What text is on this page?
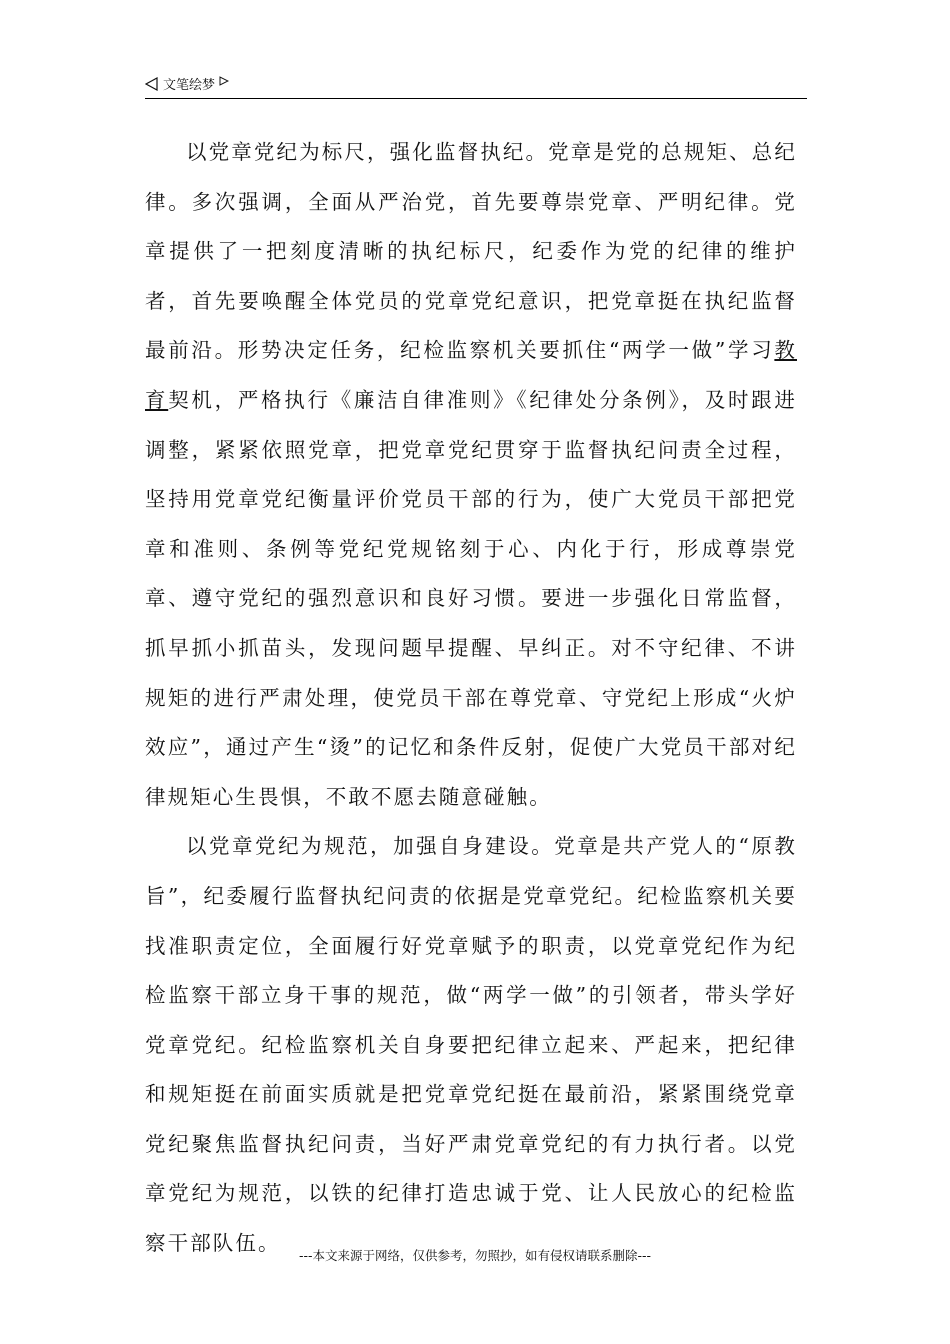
文笔绘梦

以党章党纪为标尺，强化监督执纪。党章是党的总规矩、总纪律。多次强调，全面从严治党，首先要尊崇党章、严明纪律。党章提供了一把刻度清晰的执纪标尺，纪委作为党的纪律的维护者，首先要唤醒全体党员的党章党纪意识，把党章挺在执纪监督最前沿。形势决定任务，纪检监察机关要抓住“两学一做”学习教育契机，严格执行《廉洁自律准则》《纪律处分条例》，及时跟进调整，紧紧依照党章，把党章党纪贯穿于监督执纪问责全过程，坚持用党章党纪衡量评价党员干部的行为，使广大党员干部把党章和准则、条例等党纪党规铭刻于心、内化于行，形成尊崇党章、遵守党纪的强烈意识和良好习惯。要进一步强化日常监督，抓早抓小抓苗头，发现问题早提醒、早纠正。对不守纪律、不讲规矩的进行严肃处理，使党员干部在尊党章、守党纪上形成“火炉效应”，通过产生“烫”的记忆和条件反射，促使广大党员干部对纪律规矩心生畏惧，不敢不愿去随意碰触。

以党章党纪为规范，加强自身建设。党章是共产党人的“原教旨”，纪委履行监督执纪问责的依据是党章党纪。纪检监察机关要找准职责定位，全面履行好党章赋予的职责，以党章党纪作为纪检监察干部立身干事的规范，做“两学一做”的引领者，带头学好党章党纪。纪检监察机关自身要把纪律立起来、严起来，把纪律和规矩挺在前面实质就是把党章党纪挺在最前沿，紧紧围绕党章党纪聚焦监督执纪问责，当好严肃党章党纪的有力执行者。以党章党纪为规范，以铁的纪律打造忠诚于党、让人民放心的纪检监察干部队伍。

---本文来源于网络，仅供参考，勿照抄，如有侵权请联系删除---
